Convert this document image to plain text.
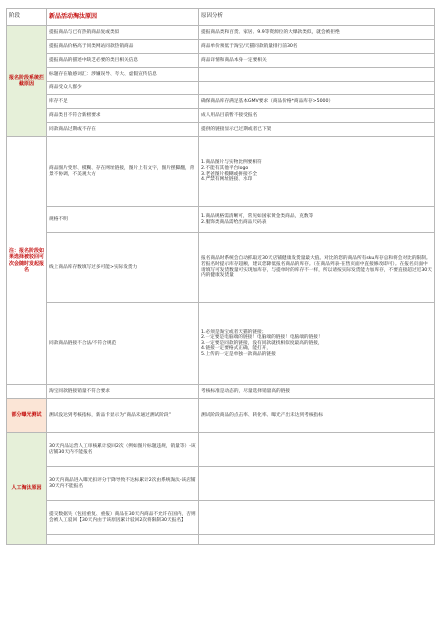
阶段	新品活动淘汰原因	原因分析
报名阶段系统拦截原因	提报商品与已有热销商品复或类似	提报商品类和百货、家居、9.9等资源位的大爆款类似，就会被拒绝
	提报商品价格高于同类网站同款热销商品	商品单价须低于淘宝/天猫同款销量排行前30名
	提报商品的描述中缺乏必要的类目相关信息	商品详情和商品本身一定要相关
	标题存在敏感词汇：涉嫌误导、夸大、虚假宣传信息	
	商品受众人群少	
	库存不足	确保商品库存满足基本GMV要求（商品价格*商品库存>5000）
	商品类目不符合新榜要求	成人用品目前暂不接受报名
	同款商品过期或不存在	提供的链接显示已过期或者已下架
注：报名阶段如果选择被驳回可次会随时发起报名	商品图片变形、模糊、存在网址链接，图片上有文字，图片摆脚翻，背景不协调，不美观大方	1.商品图片与实物比例要相符
2.不能有其他平台logo
3.老爸图片模糊或拼接不全
4.严禁有网址链接、水印

	规格不明	1.商品规格需清晰可，常见如国家黄金类商品，克数等
2.服饰类商品需给出商品尺码表

	线上商品库存数填写过多可能>实际发货力	报名商品时系统会自动抓取近30天店铺健康发货量最大值。对比的您的商品所有sku库存总和将会对比的限制。若报名时提示库存超额，建议您降低报名商品的库存。（在商品列表-在售页面中直接修改即可）。在报名页面中请填写可发货数量可实现加库存，与提单时的库存不一样，所以请按实际发货能力加库存，不要直接超过近30天内的健康发货量
	同款商品链接不合法/不符合规范	1.必须是淘宝或者天猫的链接；
2.一定要是电脑端的链接！电脑端的链接！电脑端的链接！
3.一定要是同款的链接，没有同款就找相似度最高的链接，
4.链接一定要格式正确，能打开，
5.上传的一定是单独一款商品的链接

	淘宝同款链接销量不符合要求	考核标准是动态的，尽量选择销量高的链接
部分曝光测试	测试没达到考核指标，新品卡显示为“商品未通过测试阶段”	测试阶段商品的点击率、转化率、曝光产出未达到考核指标
人工淘汰原因	30天内品运营人工审核累计驳回2次（例如图片标题违规，销量等）-该店铺30天内不能报名	
	30天内商品进入曝光扣评分于降导致不达标累计2次由系统淘汰-该店铺30天内不能报名	
	提交数据失（包括重复、重报）商品在30天内商品不允许在国内，否则会被人工驳回【30天内由于该原因累计驳回2次将限制30天报名】	
